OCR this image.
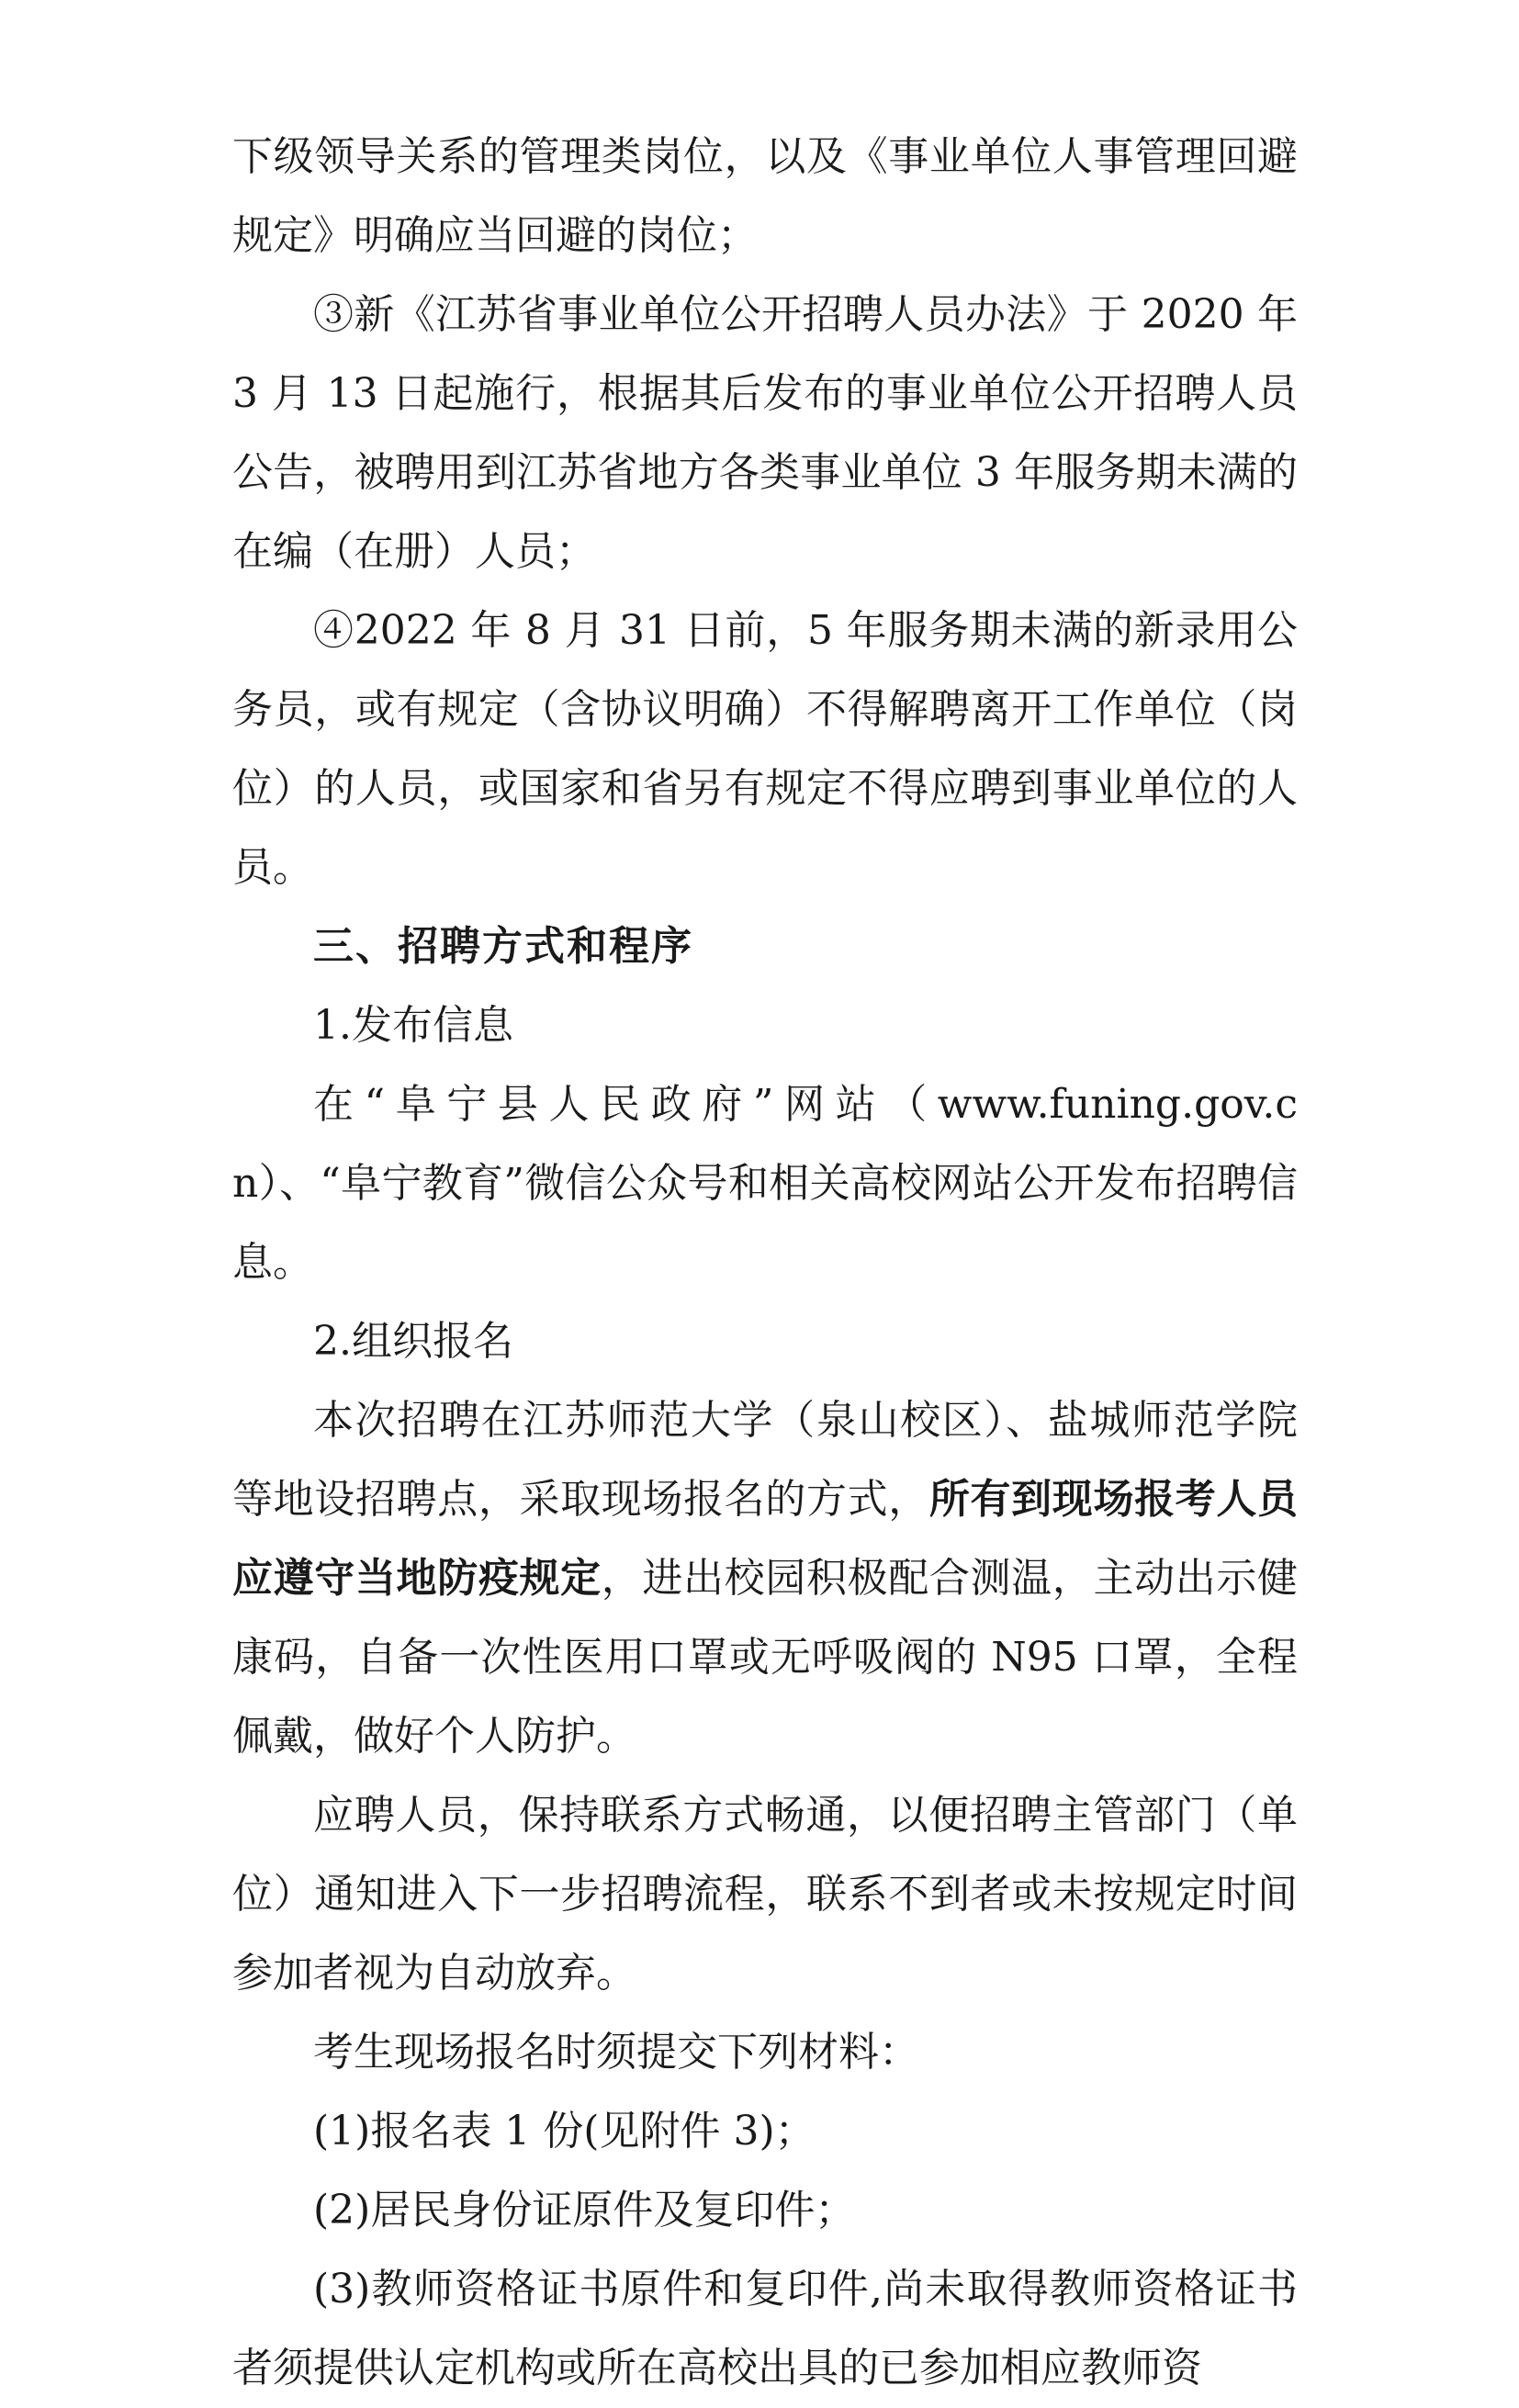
下级领导关系的管理类岗位，以及《事业单位人事管理回避规定》明确应当回避的岗位；

③新《江苏省事业单位公开招聘人员办法》于 2020 年 3 月 13 日起施行，根据其后发布的事业单位公开招聘人员公告，被聘用到江苏省地方各类事业单位 3 年服务期未满的在编（在册）人员；

④2022 年 8 月 31 日前，5 年服务期未满的新录用公务员，或有规定（含协议明确）不得解聘离开工作单位（岗位）的人员，或国家和省另有规定不得应聘到事业单位的人员。

三、招聘方式和程序

1.发布信息

在“阜宁县人民政府”网站（www.funing.gov.cn）、“阜宁教育”微信公众号和相关高校网站公开发布招聘信息。

2.组织报名

本次招聘在江苏师范大学（泉山校区）、盐城师范学院等地设招聘点，采取现场报名的方式，所有到现场报考人员应遵守当地防疫规定，进出校园积极配合测温，主动出示健康码，自备一次性医用口罩或无呼吸阀的 N95 口罩，全程佩戴，做好个人防护。

应聘人员，保持联系方式畅通，以便招聘主管部门（单位）通知进入下一步招聘流程，联系不到者或未按规定时间参加者视为自动放弃。

考生现场报名时须提交下列材料：

(1)报名表 1 份(见附件 3)；

(2)居民身份证原件及复印件；

(3)教师资格证书原件和复印件,尚未取得教师资格证书者须提供认定机构或所在高校出具的已参加相应教师资
